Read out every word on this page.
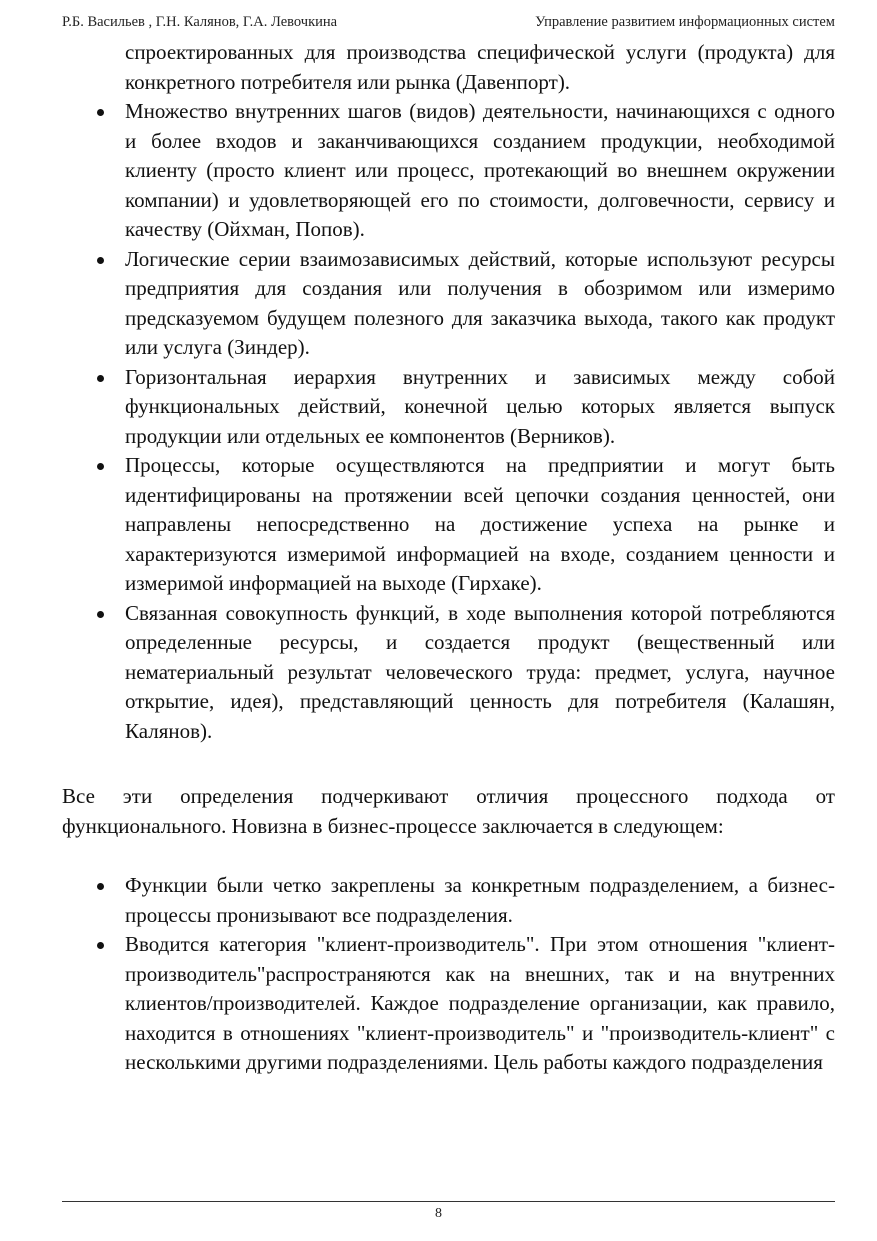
Р.Б. Васильев , Г.Н. Калянов, Г.А. Левочкина	Управление развитием информационных систем
спроектированных для производства специфической услуги (продукта) для конкретного потребителя или рынка (Давенпорт).
Множество внутренних шагов (видов) деятельности, начинающихся с одного и более входов и заканчивающихся созданием продукции, необходимой клиенту (просто клиент или процесс, протекающий во внешнем окружении компании) и удовлетворяющей его по стоимости, долговечности, сервису и качеству (Ойхман, Попов).
Логические серии взаимозависимых действий, которые используют ресурсы предприятия для создания или получения в обозримом или измеримо предсказуемом будущем полезного для заказчика выхода, такого как продукт или услуга (Зиндер).
Горизонтальная иерархия внутренних и зависимых между собой функциональных действий, конечной целью которых является выпуск продукции или отдельных ее компонентов (Верников).
Процессы, которые осуществляются на предприятии и могут быть идентифицированы на протяжении всей цепочки создания ценностей, они направлены непосредственно на достижение успеха на рынке и характеризуются измеримой информацией на входе, созданием ценности и измеримой информацией на выходе (Гирхаке).
Связанная совокупность функций, в ходе выполнения которой потребляются определенные ресурсы, и создается продукт (вещественный или нематериальный результат человеческого труда: предмет, услуга, научное открытие, идея), представляющий ценность для потребителя (Калашян, Калянов).

Все эти определения подчеркивают отличия процессного подхода от функционального. Новизна в бизнес-процессе заключается в следующем:

Функции были четко закреплены за конкретным подразделением, а бизнес-процессы пронизывают все подразделения.
Вводится категория "клиент-производитель". При этом отношения "клиент-производитель"распространяются как на внешних, так и на внутренних клиентов/производителей. Каждое подразделение организации, как правило, находится в отношениях "клиент-производитель" и "производитель-клиент" с несколькими другими подразделениями. Цель работы каждого подразделения
8
